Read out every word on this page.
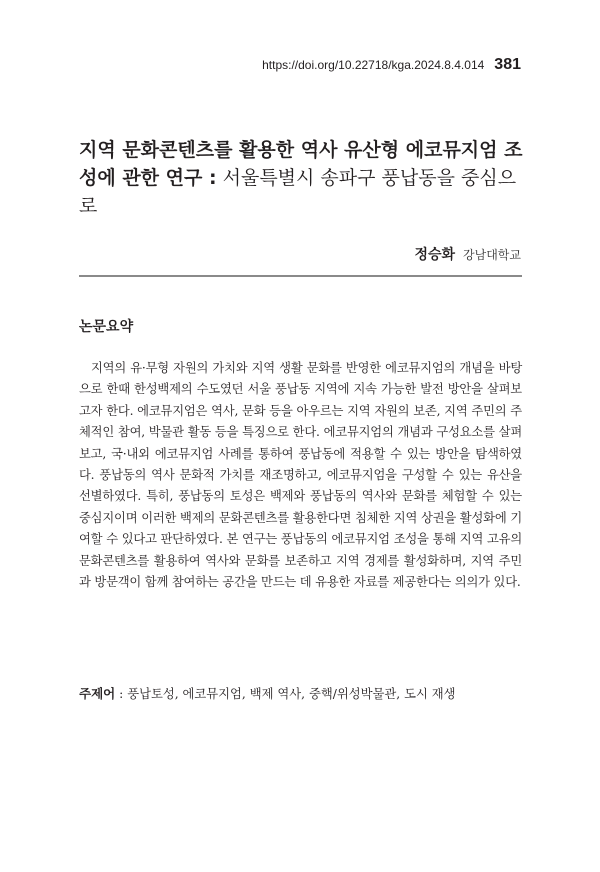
https://doi.org/10.22718/kga.2024.8.4.014 381
지역 문화콘텐츠를 활용한 역사 유산형 에코뮤지엄 조성에 관한 연구 : 서울특별시 송파구 풍납동을 중심으로
정승화 강남대학교
논문요약

지역의 유·무형 자원의 가치와 지역 생활 문화를 반영한 에코뮤지엄의 개념을 바탕으로 한때 한성백제의 수도였던 서울 풍납동 지역에 지속 가능한 발전 방안을 살펴보고자 한다. 에코뮤지엄은 역사, 문화 등을 아우르는 지역 자원의 보존, 지역 주민의 주체적인 참여, 박물관 활동 등을 특징으로 한다. 에코뮤지엄의 개념과 구성요소를 살펴보고, 국·내외 에코뮤지엄 사례를 통하여 풍납동에 적용할 수 있는 방안을 탐색하였다. 풍납동의 역사 문화적 가치를 재조명하고, 에코뮤지엄을 구성할 수 있는 유산을 선별하였다. 특히, 풍납동의 토성은 백제와 풍납동의 역사와 문화를 체험할 수 있는 중심지이며 이러한 백제의 문화콘텐츠를 활용한다면 침체한 지역 상권을 활성화에 기여할 수 있다고 판단하였다. 본 연구는 풍납동의 에코뮤지엄 조성을 통해 지역 고유의 문화콘텐츠를 활용하여 역사와 문화를 보존하고 지역 경제를 활성화하며, 지역 주민과 방문객이 함께 참여하는 공간을 만드는 데 유용한 자료를 제공한다는 의의가 있다.

주제어 : 풍납토성, 에코뮤지엄, 백제 역사, 중핵/위성박물관, 도시 재생
